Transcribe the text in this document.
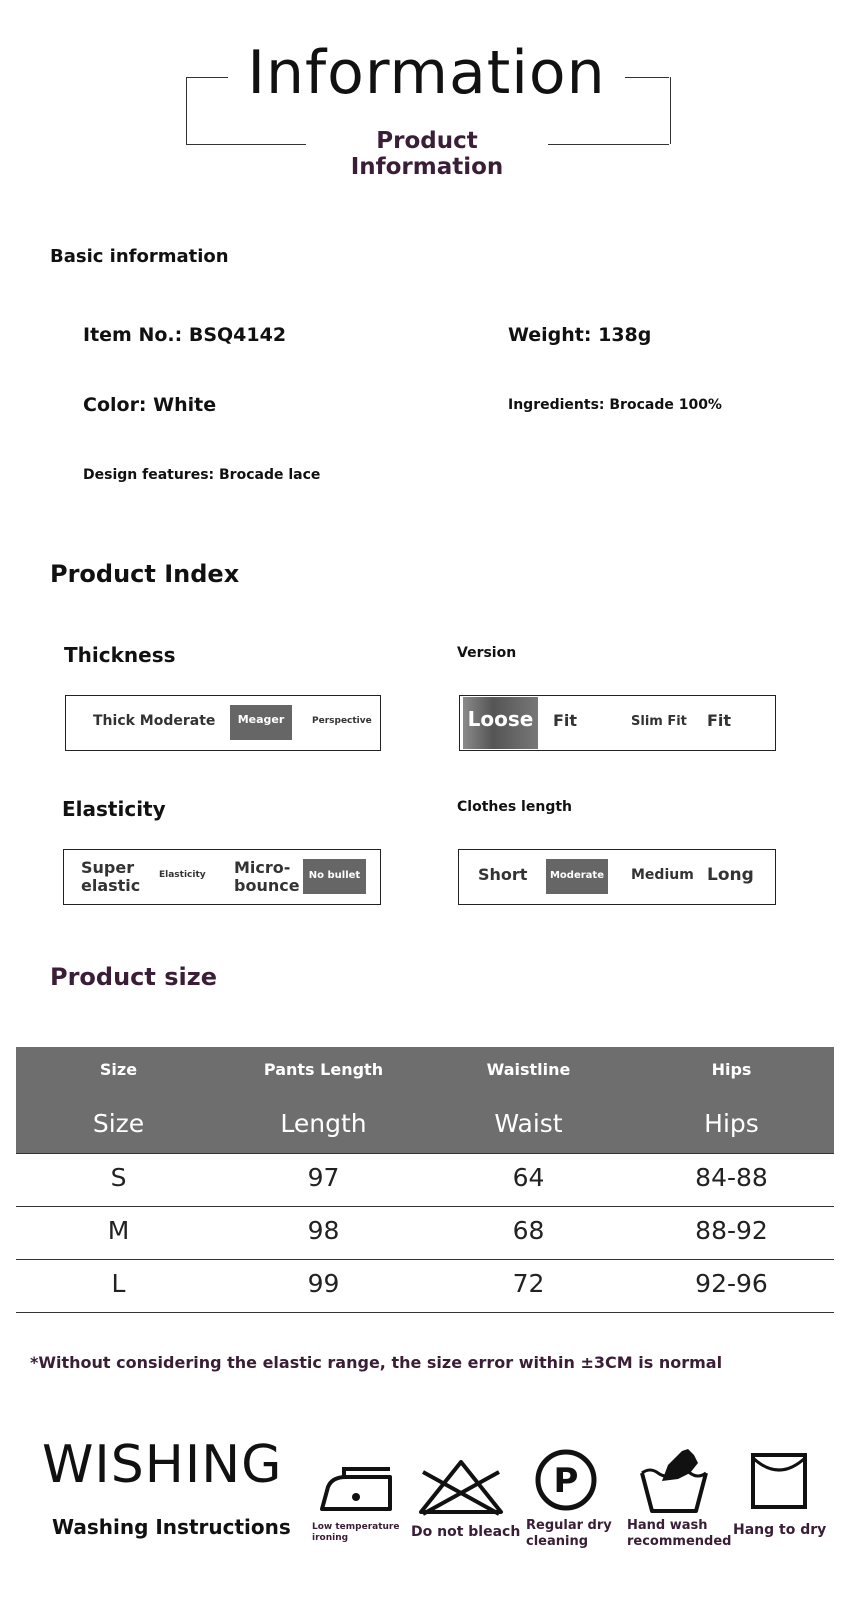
Information
Product Information
Basic information
Item No.: BSQ4142	Weight: 138g
Color: White	Ingredients: Brocade 100%
Design features: Brocade lace
Product Index
Thickness
Thick Moderate	Meager	Perspective
Version
Loose Fit	Slim Fit Fit
Elasticity
Super elastic
Elasticity Micro-bounce
No bullet
Clothes length
Short	Moderate Medium Long
Product size
Size	Pants Length	Waistline	Hips
Size	Length	Waist	Hips
S	97	64	84-88
M	98	68	88-92
L	99	72	92-96
*Without considering the elastic range, the size error within ±3CM is normal
WISHING
Washing Instructions Low temperature ironing	Do not bleach
P
Regular dry cleaning
Hand wash recommended
Hang to dry
